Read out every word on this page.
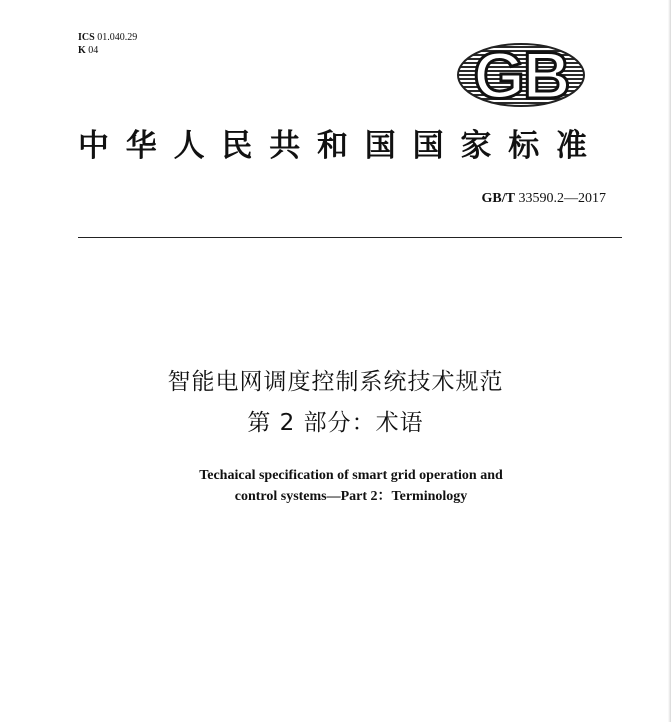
ICS 01.040.29
K 04	GB
中华人民共和国国家标准
GB/T 33590.2—2017
智能电网调度控制系统技术规范
第 2 部分：术语
Techaical specification of smart grid operation and
control systems—Part 2：Terminology
